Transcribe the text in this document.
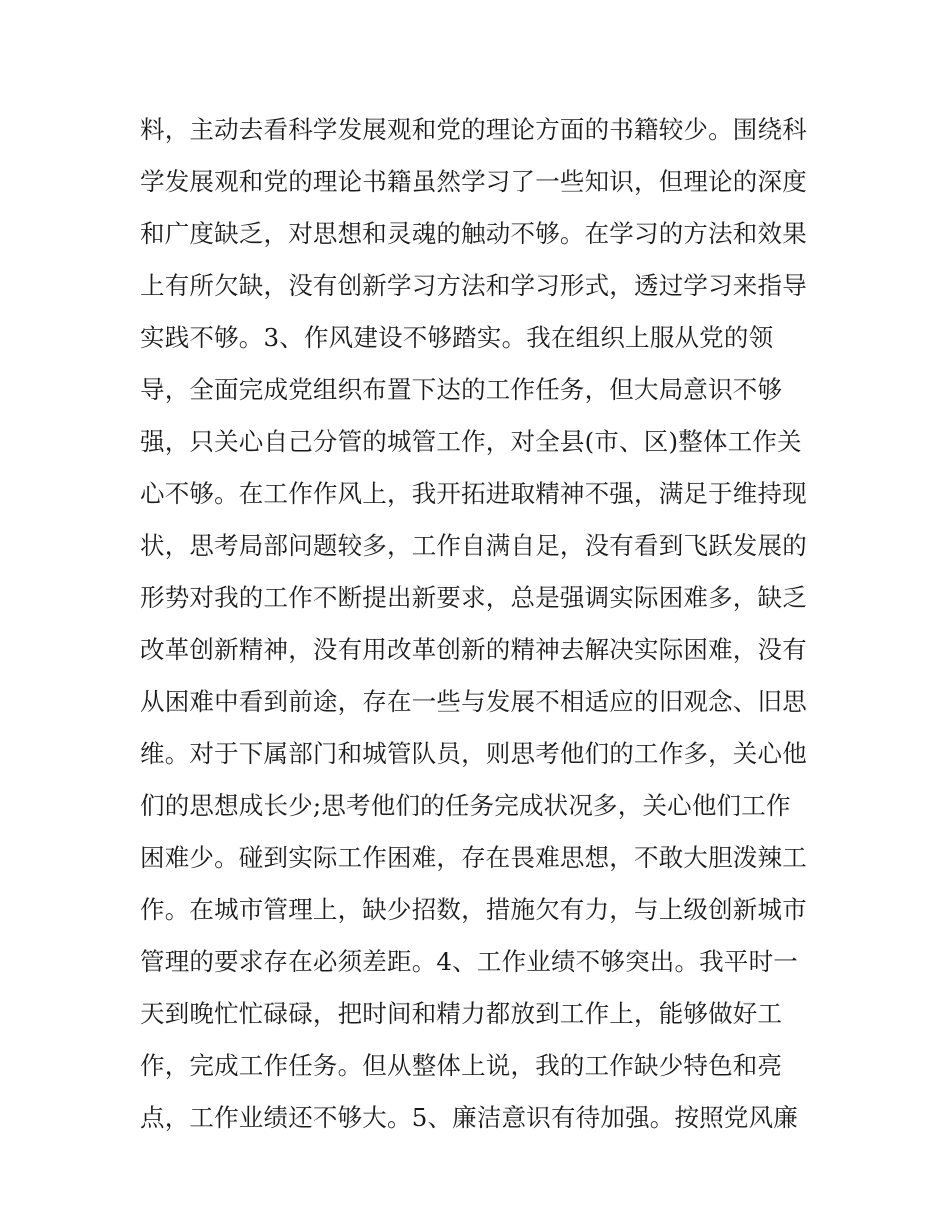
料，主动去看科学发展观和党的理论方面的书籍较少。围绕科
学发展观和党的理论书籍虽然学习了一些知识，但理论的深度
和广度缺乏，对思想和灵魂的触动不够。在学习的方法和效果
上有所欠缺，没有创新学习方法和学习形式，透过学习来指导
实践不够。3、作风建设不够踏实。我在组织上服从党的领
导，全面完成党组织布置下达的工作任务，但大局意识不够
强，只关心自己分管的城管工作，对全县(市、区)整体工作关
心不够。在工作作风上，我开拓进取精神不强，满足于维持现
状，思考局部问题较多，工作自满自足，没有看到飞跃发展的
形势对我的工作不断提出新要求，总是强调实际困难多，缺乏
改革创新精神，没有用改革创新的精神去解决实际困难，没有
从困难中看到前途，存在一些与发展不相适应的旧观念、旧思
维。对于下属部门和城管队员，则思考他们的工作多，关心他
们的思想成长少;思考他们的任务完成状况多，关心他们工作
困难少。碰到实际工作困难，存在畏难思想，不敢大胆泼辣工
作。在城市管理上，缺少招数，措施欠有力，与上级创新城市
管理的要求存在必须差距。4、工作业绩不够突出。我平时一
天到晚忙忙碌碌，把时间和精力都放到工作上，能够做好工
作，完成工作任务。但从整体上说，我的工作缺少特色和亮
点，工作业绩还不够大。5、廉洁意识有待加强。按照党风廉
